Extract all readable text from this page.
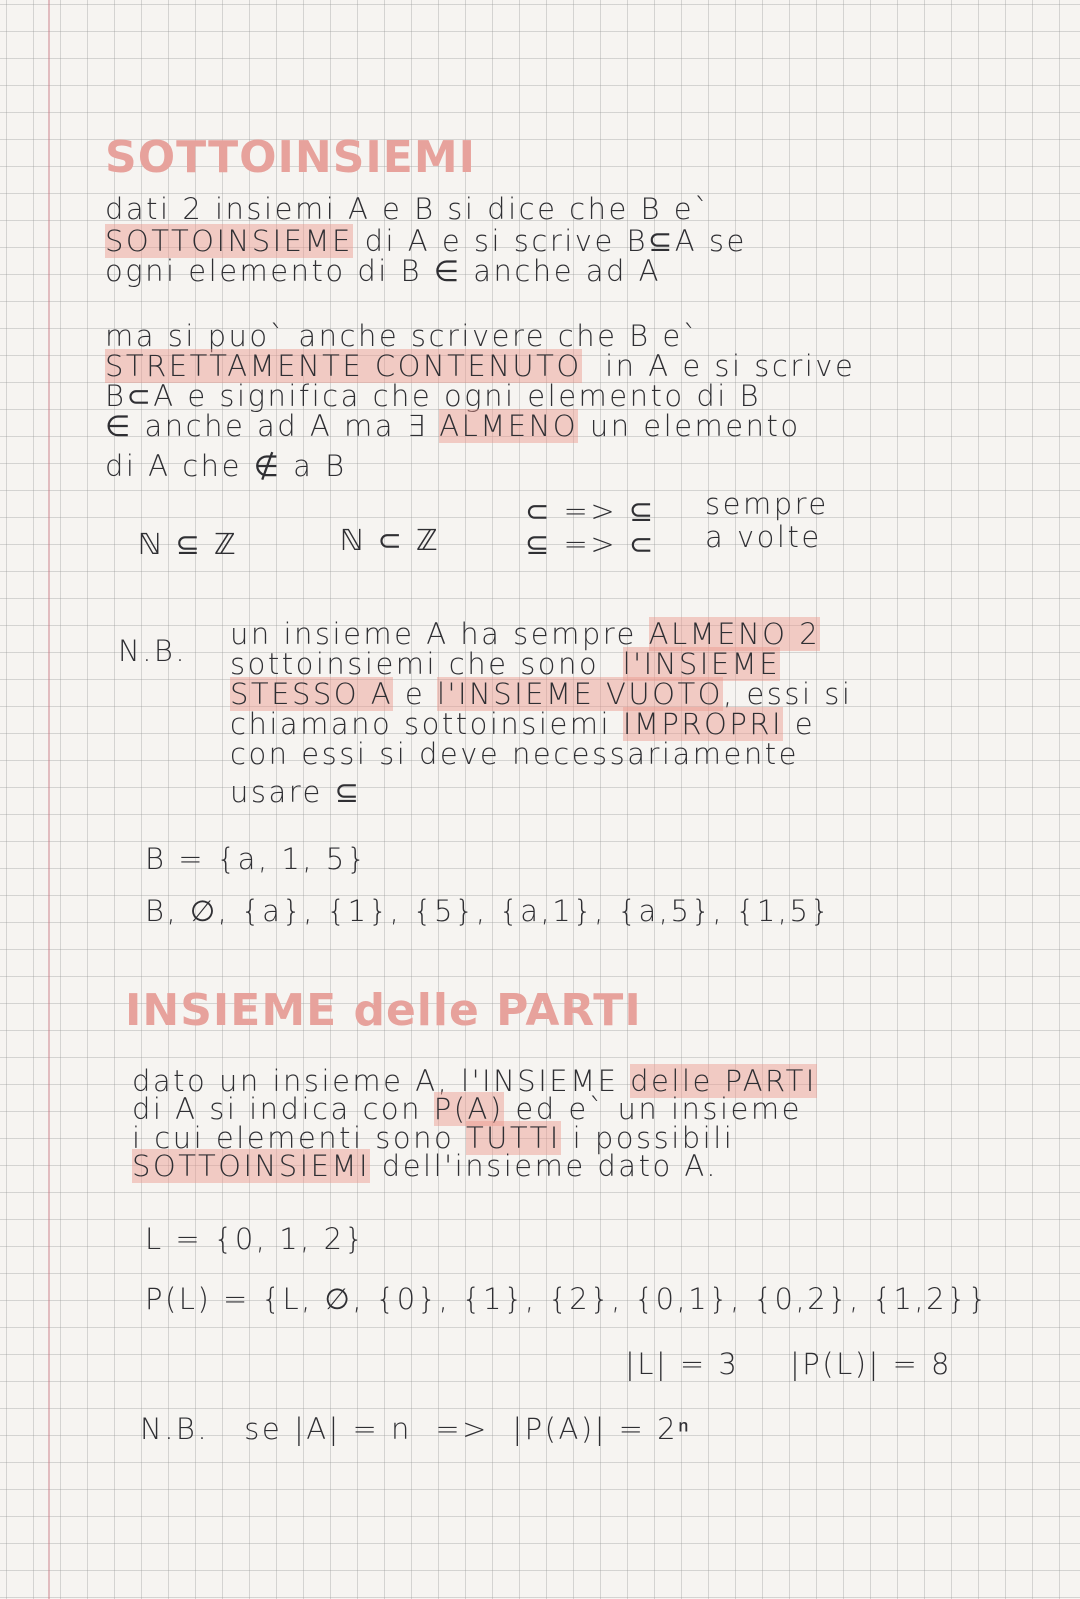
SOTTOINSIEMI
dati 2 insiemi A e B si dice che B e`
SOTTOINSIEME di A e si scrive B⊆A se
ogni elemento di B ∈ anche ad A
ma si puo` anche scrivere che B e`
STRETTAMENTE CONTENUTO  in A e si scrive
B⊂A e significa che ogni elemento di B
∈ anche ad A ma ∃ ALMENO un elemento
di A che ∉ a B
ℕ ⊆ ℤ	ℕ ⊂ ℤ
⊂ => ⊆
⊆ => ⊂
sempre
a volte
N.B. un insieme A ha sempre ALMENO 2
sottoinsiemi che sono  l'INSIEME
STESSO A e l'INSIEME VUOTO, essi si
chiamano sottoinsiemi IMPROPRI e
con essi si deve necessariamente
usare ⊆
B = {a, 1, 5}
B, ∅, {a}, {1}, {5}, {a,1}, {a,5}, {1,5}
INSIEME delle PARTI
dato un insieme A, l'INSIEME delle PARTI
di A si indica con P(A) ed e` un insieme
i cui elementi sono TUTTI i possibili
SOTTOINSIEMI dell'insieme dato A.
L = {0, 1, 2}
P(L) = {L, ∅, {0}, {1}, {2}, {0,1}, {0,2}, {1,2}}
|L| = 3 |P(L)| = 8
N.B.   se |A| = n  =>  |P(A)| = 2ⁿ
